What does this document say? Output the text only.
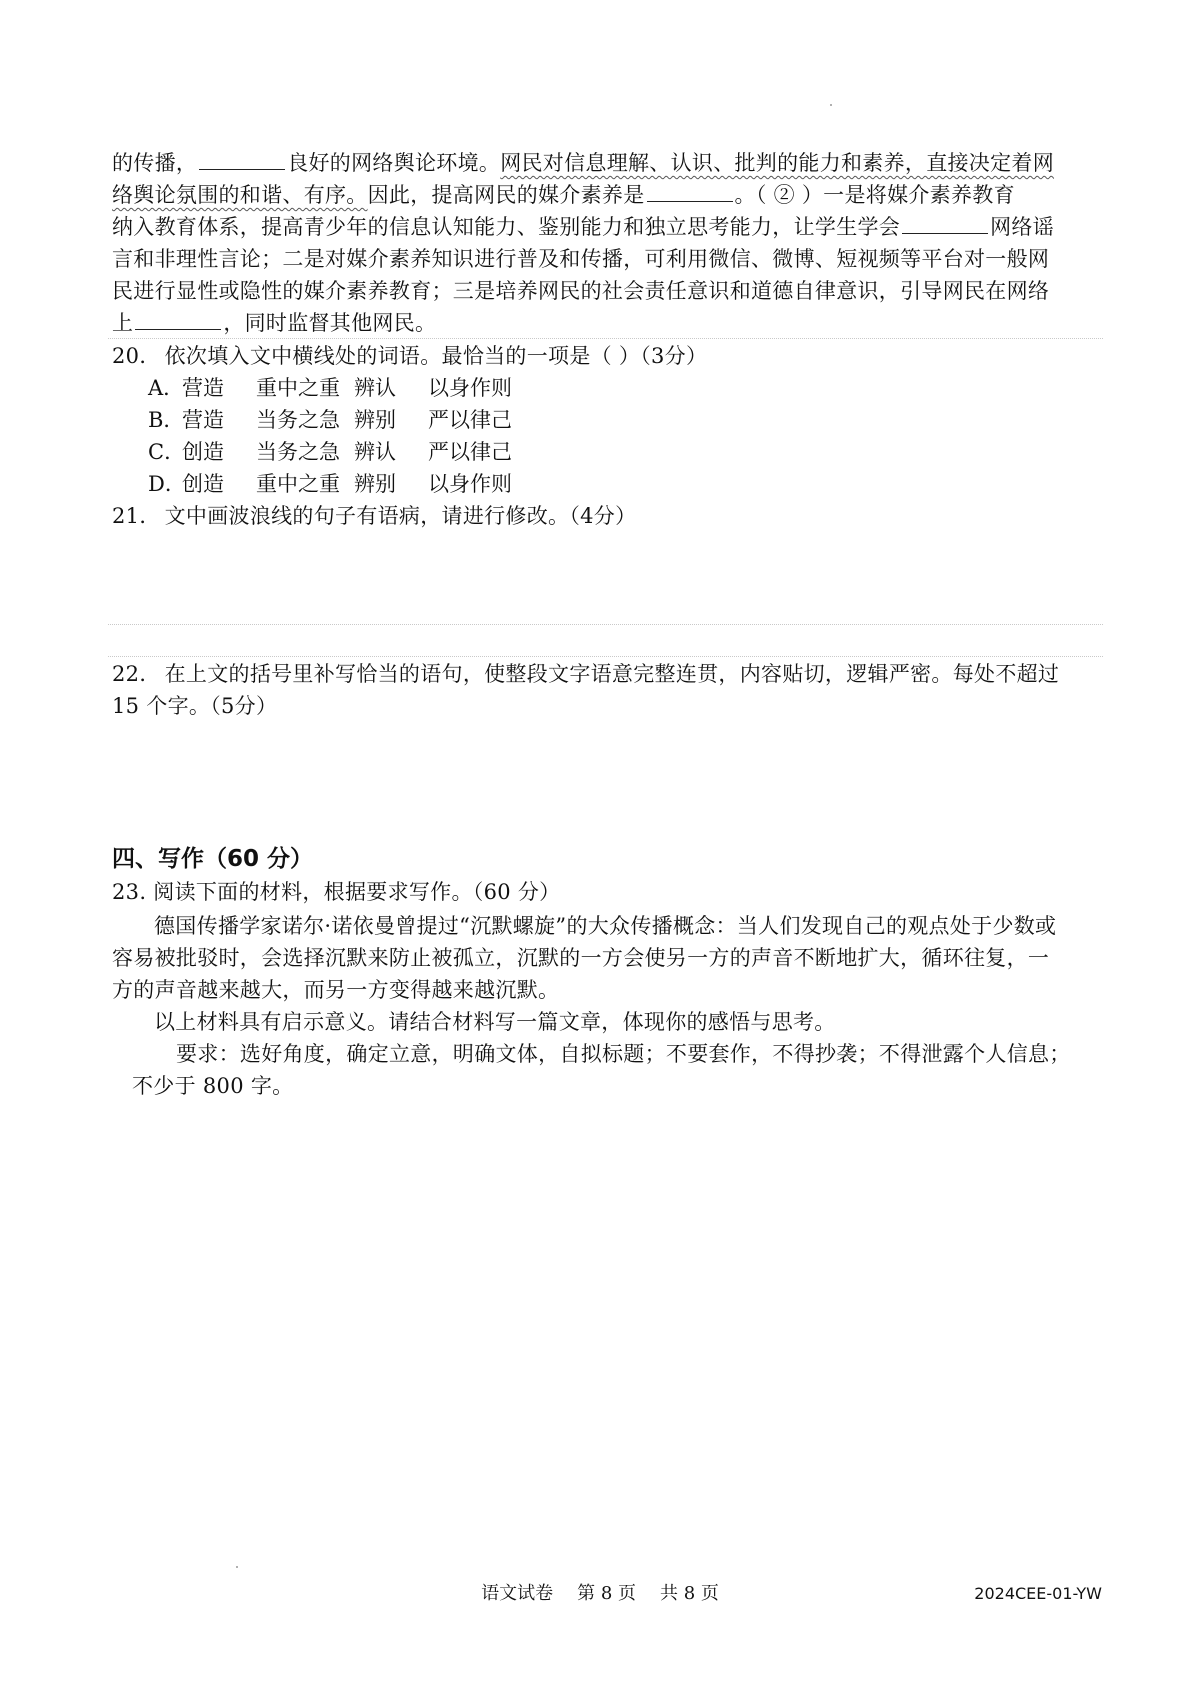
的传播，	良好的网络舆论环境。网民对信息理解、认识、批判的能力和素养，直接决定着网
络舆论氛围的和谐、有序。因此，提高网民的媒介素养是	。（ ② ）一是将媒介素养教育
纳入教育体系，提高青少年的信息认知能力、鉴别能力和独立思考能力，让学生学会	网络谣
言和非理性言论；二是对媒介素养知识进行普及和传播，可利用微信、微博、短视频等平台对一般网
民进行显性或隐性的媒介素养教育；三是培养网民的社会责任意识和道德自律意识，引导网民在网络
上	，同时监督其他网民。
20． 依次填入文中横线处的词语。最恰当的一项是（ ）（3分）
A．营造 重中之重 辨认 以身作则
B．营造 当务之急 辨别 严以律己
C．创造 当务之急 辨认 严以律己
D．创造 重中之重 辨别 以身作则
21． 文中画波浪线的句子有语病，请进行修改。（4分）
22． 在上文的括号里补写恰当的语句，使整段文字语意完整连贯，内容贴切，逻辑严密。每处不超过
15 个字。（5分）
四、写作（60 分）
23. 阅读下面的材料，根据要求写作。（60 分）
德国传播学家诺尔·诺依曼曾提过“沉默螺旋”的大众传播概念：当人们发现自己的观点处于少数或
容易被批驳时，会选择沉默来防止被孤立，沉默的一方会使另一方的声音不断地扩大，循环往复，一
方的声音越来越大，而另一方变得越来越沉默。
以上材料具有启示意义。请结合材料写一篇文章，体现你的感悟与思考。
要求：选好角度，确定立意，明确文体，自拟标题；不要套作，不得抄袭；不得泄露个人信息；
不少于 800 字。
语文试卷 第 8 页 共 8 页	2024CEE-01-YW
